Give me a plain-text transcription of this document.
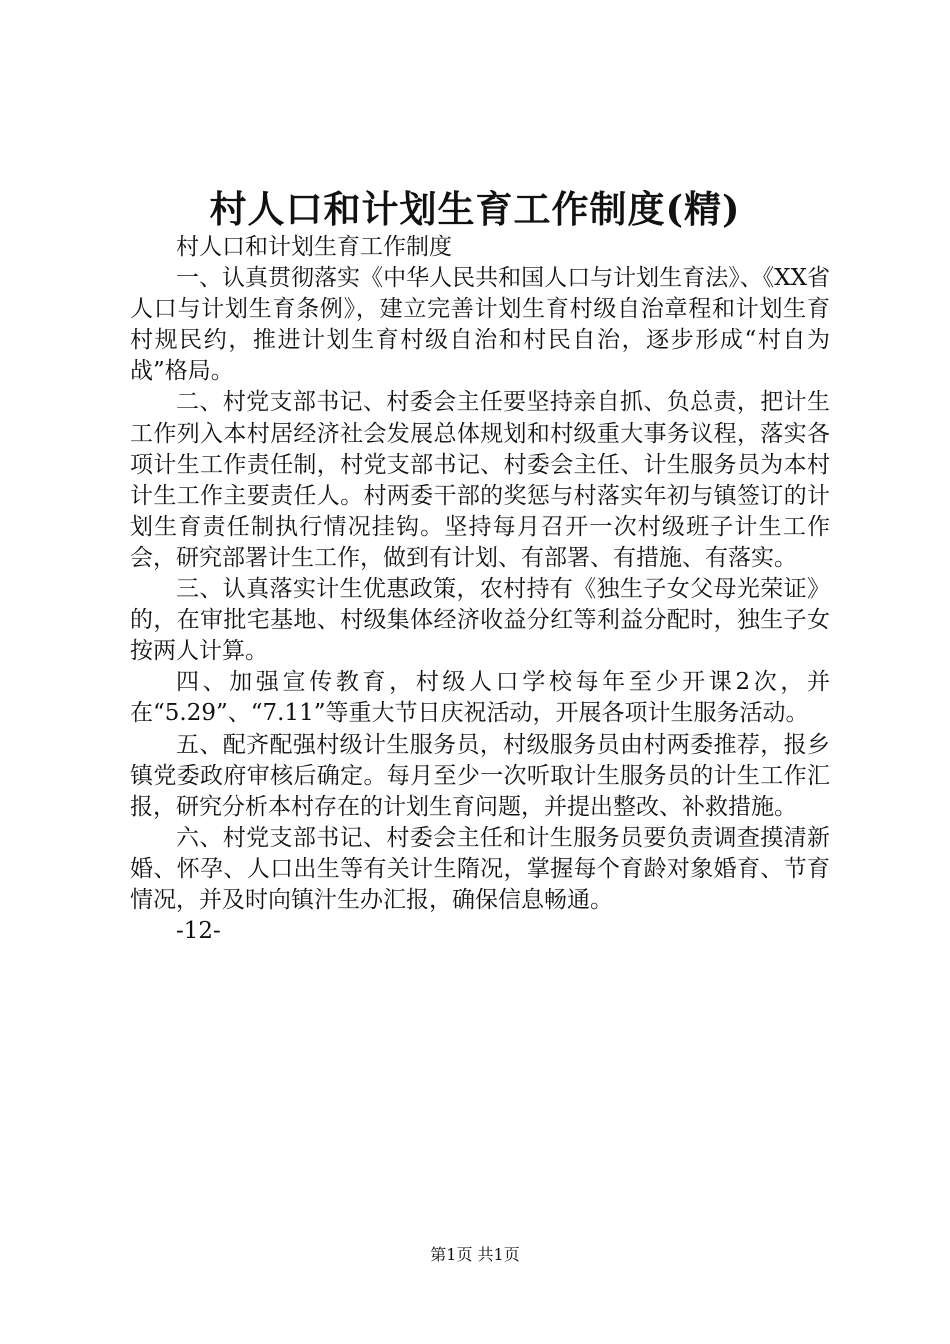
村人口和计划生育工作制度(精)

村人口和计划生育工作制度

一、认真贯彻落实《中华人民共和国人口与计划生育法》、《XX省人口与计划生育条例》，建立完善计划生育村级自治章程和计划生育村规民约，推进计划生育村级自治和村民自治，逐步形成“村自为战”格局。

二、村党支部书记、村委会主任要坚持亲自抓、负总责，把计生工作列入本村居经济社会发展总体规划和村级重大事务议程，落实各项计生工作责任制，村党支部书记、村委会主任、计生服务员为本村计生工作主要责任人。村两委干部的奖惩与村落实年初与镇签订的计划生育责任制执行情况挂钩。坚持每月召开一次村级班子计生工作会，研究部署计生工作，做到有计划、有部署、有措施、有落实。

三、认真落实计生优惠政策，农村持有《独生子女父母光荣证》的，在审批宅基地、村级集体经济收益分红等利益分配时，独生子女按两人计算。

四、加强宣传教育，村级人口学校每年至少开课2次，并在“5.29”、“7.11”等重大节日庆祝活动，开展各项计生服务活动。

五、配齐配强村级计生服务员，村级服务员由村两委推荐，报乡镇党委政府审核后确定。每月至少一次听取计生服务员的计生工作汇报，研究分析本村存在的计划生育问题，并提出整改、补救措施。

六、村党支部书记、村委会主任和计生服务员要负责调查摸清新婚、怀孕、人口出生等有关计生隋况，掌握每个育龄对象婚育、节育情况，并及时向镇汁生办汇报，确保信息畅通。

-12-

第1页 共1页
